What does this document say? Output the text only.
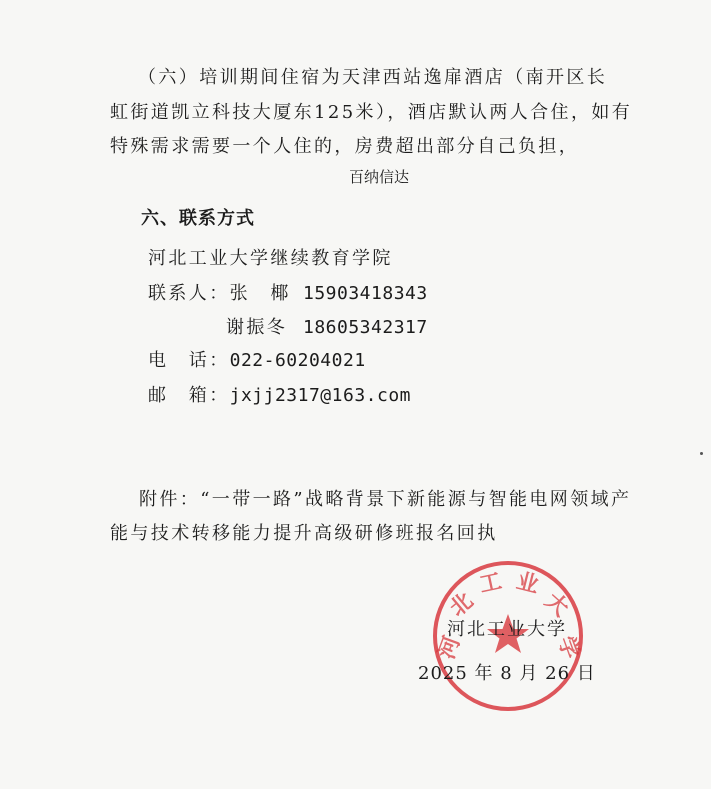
（六）培训期间住宿为天津西站逸扉酒店（南开区长
虹街道凯立科技大厦东125米），酒店默认两人合住，如有
特殊需求需要一个人住的，房费超出部分自己负担，
百纳信达
六、联系方式
河北工业大学继续教育学院
联系人：张　椰 15903418343
谢振冬 18605342317
电　话：022-60204021
邮　箱：jxjj2317@163.com
附件：“一带一路”战略背景下新能源与智能电网领域产
能与技术转移能力提升高级研修班报名回执
河
北
工 业
大
学
河北工业大学
2025 年 8 月 26 日
